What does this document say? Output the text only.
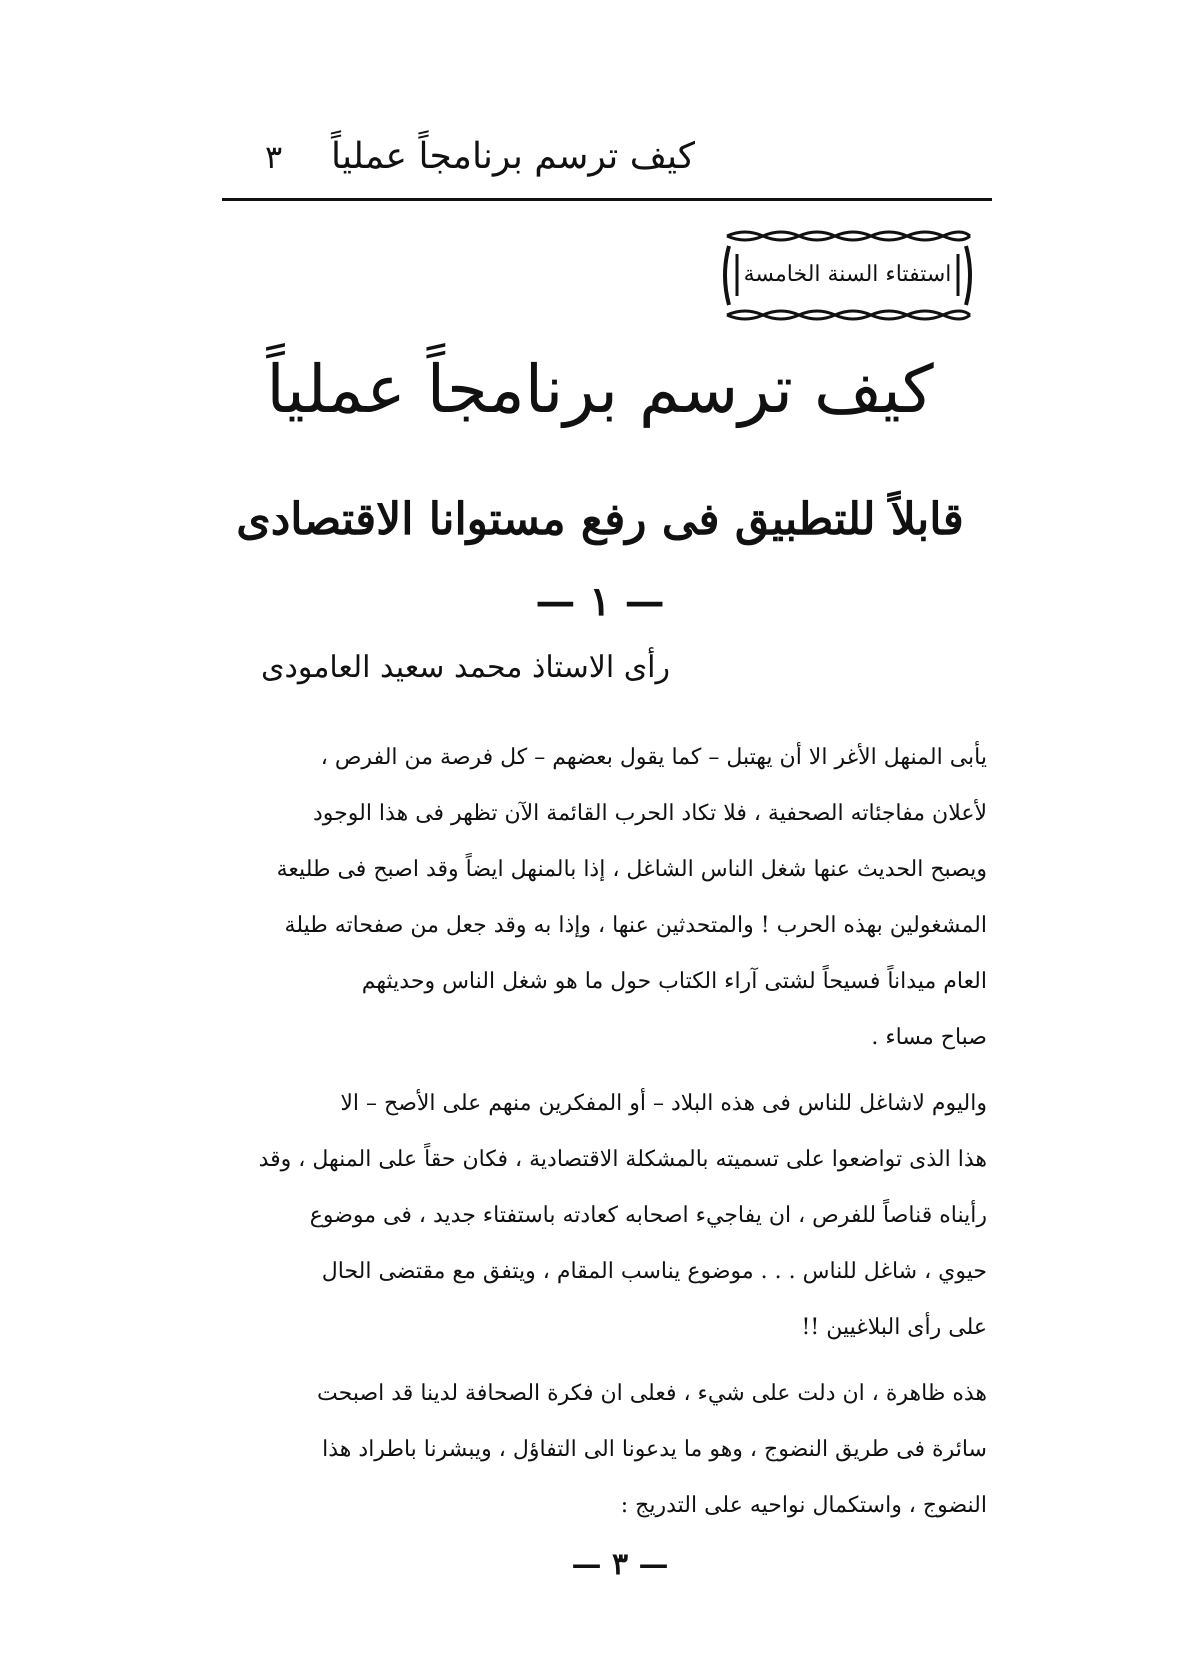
كيف ترسم برنامجاً عملياً
٣
استفتاء السنة الخامسة
كيف ترسم برنامجاً عملياً
قابلاً للتطبيق فى رفع مستوانا الاقتصادى
— ١ —
رأى الاستاذ محمد سعيد العامودى
يأبى المنهل الأغر الا أن يهتبل – كما يقول بعضهم – كل فرصة من الفرص ،
لأعلان مفاجئاته الصحفية ، فلا تكاد الحرب القائمة الآن تظهر فى هذا الوجود
ويصبح الحديث عنها شغل الناس الشاغل ، إذا بالمنهل ايضاً وقد اصبح فى طليعة
المشغولين بهذه الحرب ! والمتحدثين عنها ، وإذا به وقد جعل من صفحاته طيلة
العام ميداناً فسيحاً لشتى آراء الكتاب حول ما هو شغل الناس وحديثهم
صباح مساء .
واليوم لاشاغل للناس فى هذه البلاد – أو المفكرين منهم على الأصح – الا
هذا الذى تواضعوا على تسميته بالمشكلة الاقتصادية ، فكان حقاً على المنهل ، وقد
رأيناه قناصاً للفرص ، ان يفاجيء اصحابه كعادته باستفتاء جديد ، فى موضوع
حيوي ، شاغل للناس . . . موضوع يناسب المقام ، ويتفق مع مقتضى الحال
على رأى البلاغيين !!
هذه ظاهرة ، ان دلت على شيء ، فعلى ان فكرة الصحافة لدينا قد اصبحت
سائرة فى طريق النضوج ، وهو ما يدعونا الى التفاؤل ، ويبشرنا باطراد هذا
النضوج ، واستكمال نواحيه على التدريج :
— ٣ —
